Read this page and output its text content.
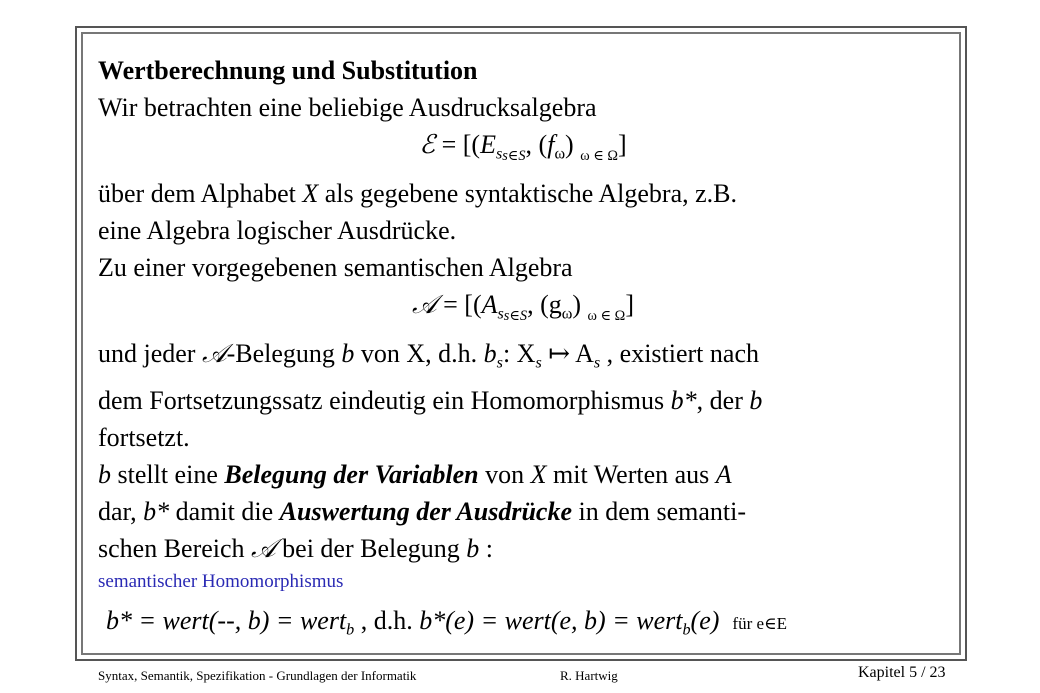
Wertberechnung und Substitution
Wir betrachten eine beliebige Ausdrucksalgebra
ℰ = [($E_{ss\in S}$, $(f_\omega)$ $_{\omega \in \Omega}$]
über dem Alphabet X als gegebene syntaktische Algebra, z.B.
eine Algebra logischer Ausdrücke.
Zu einer vorgegebenen semantischen Algebra
𝒜 = [($A_{ss\in S}$, $(g_\omega)$ $_{\omega \in \Omega}$]
und jeder 𝒜-Belegung b von X, d.h. $b_s$: $X_s$ ↦ $A_s$ , existiert nach
dem Fortsetzungssatz eindeutig ein Homomorphismus b*, der b
fortsetzt.
b stellt eine Belegung der Variablen von X mit Werten aus A
dar, b* damit die Auswertung der Ausdrücke in dem semanti-
schen Bereich 𝒜 bei der Belegung b :
semantischer Homomorphismus
b* = wert(--, b) = wert$_b$ , d.h. b*(e) = wert(e, b) = wert$_b$(e) für e∈E
Syntax, Semantik, Spezifikation - Grundlagen der Informatik	R. Hartwig	Kapitel 5 / 23
